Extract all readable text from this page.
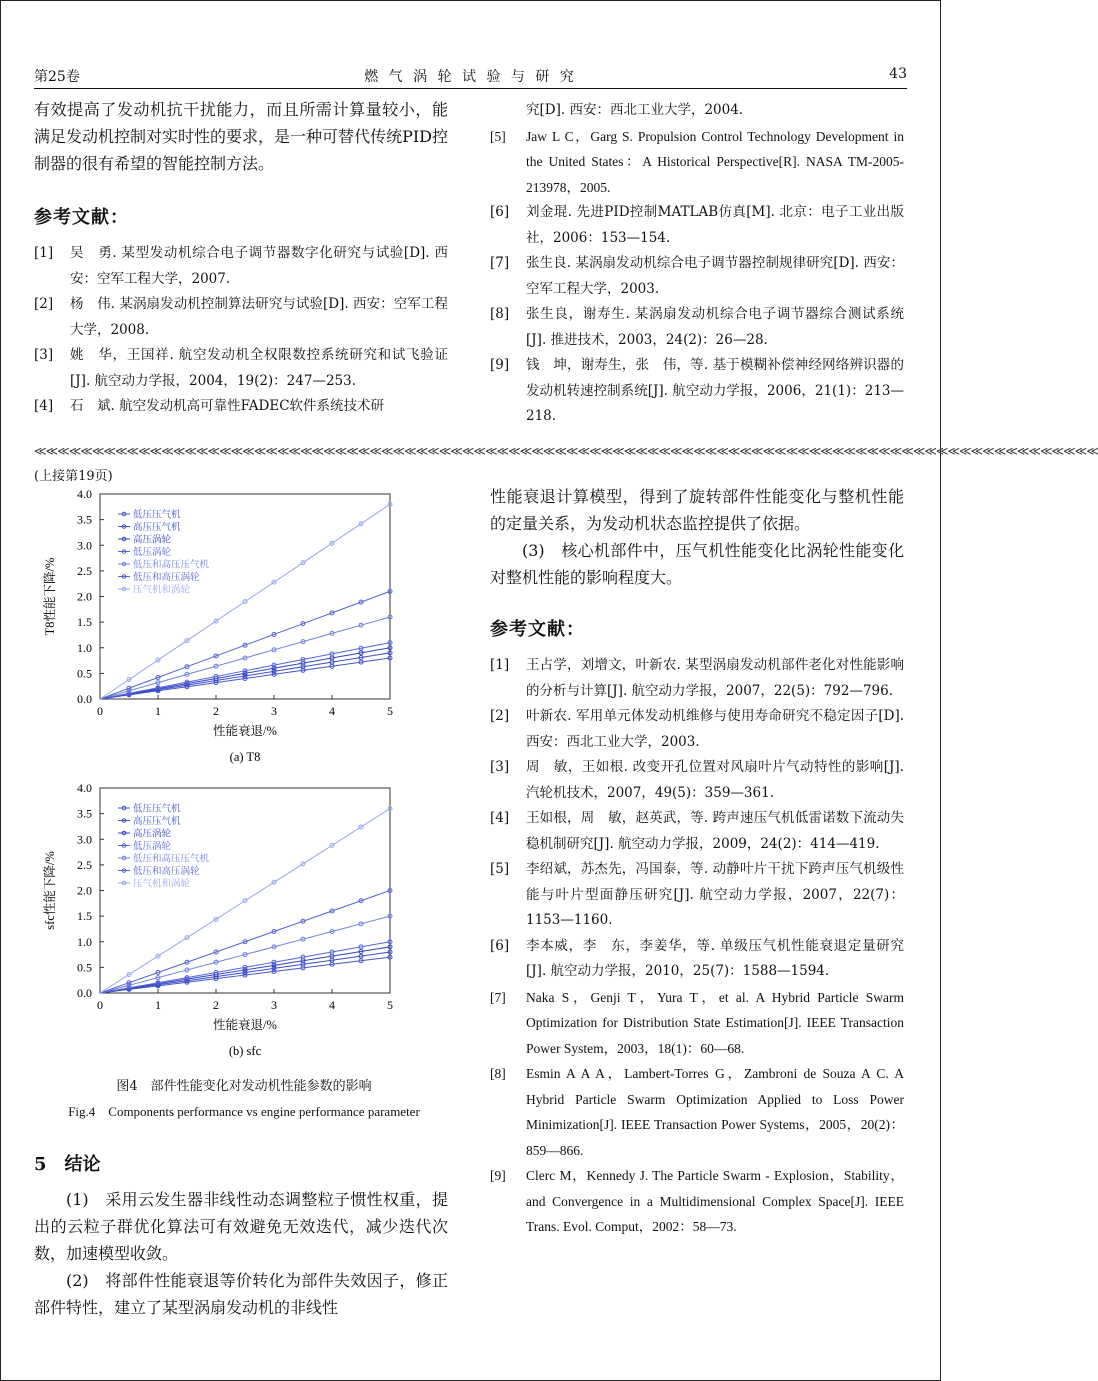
第25卷	燃 气 涡 轮 试 验 与 研 究	43
有效提高了发动机抗干扰能力，而且所需计算量较小，能满足发动机控制对实时性的要求，是一种可替代传统PID控制器的很有希望的智能控制方法。
参考文献：
[1] 吴　勇. 某型发动机综合电子调节器数字化研究与试验[D]. 西安：空军工程大学，2007.
[2] 杨　伟. 某涡扇发动机控制算法研究与试验[D]. 西安：空军工程大学，2008.
[3] 姚　华，王国祥. 航空发动机全权限数控系统研究和试飞验证[J]. 航空动力学报，2004，19(2)：247—253.
[4] 石　斌. 航空发动机高可靠性FADEC软件系统技术研
究[D]. 西安：西北工业大学，2004.
[5] Jaw L C，Garg S. Propulsion Control Technology Development in the United States：A Historical Perspective[R]. NASA TM-2005-213978，2005.
[6] 刘金琨. 先进PID控制MATLAB仿真[M]. 北京：电子工业出版社，2006：153—154.
[7] 张生良. 某涡扇发动机综合电子调节器控制规律研究[D]. 西安：空军工程大学，2003.
[8] 张生良，谢寿生. 某涡扇发动机综合电子调节器综合测试系统[J]. 推进技术，2003，24(2)：26—28.
[9] 钱　坤，谢寿生，张　伟，等. 基于模糊补偿神经网络辨识器的发动机转速控制系统[J]. 航空动力学报，2006，21(1)：213—218.
≪≪≪≪≪≪≪≪≪≪≪≪≪≪≪≪≪≪≪≪≪≪≪≪≪≪≪≪≪≪≪≪≪≪≪≪≪≪≪≪≪≪≪≪≪≪≪≪≪≪≪≪≪≪≪≪≪≪≪≪≪≪≪≪≪≪≪≪≪≪≪≪≪≪≪≪≪≪≪≪≪≪≪≪≪≪≪≪≪≪≪≪
(上接第19页)
0	1	2	3	4	5
0.0
0.5
1.0
1.5
2.0
2.5
3.0
3.5
4.0
性能衰退/%
T8性能下降/%
(a) T8
低压压气机
高压压气机
高压涡轮
低压涡轮
低压和高压压气机
低压和高压涡轮
压气机和涡轮
0	1	2	3	4	5
0.0
0.5
1.0
1.5
2.0
2.5
3.0
3.5
4.0
性能衰退/%
sfc性能下降/%
(b) sfc
低压压气机
高压压气机
高压涡轮
低压涡轮
低压和高压压气机
低压和高压涡轮
压气机和涡轮
图4　部件性能变化对发动机性能参数的影响
Fig.4　Components performance vs engine performance parameter
5　结论
(1)　采用云发生器非线性动态调整粒子惯性权重，提出的云粒子群优化算法可有效避免无效迭代，减少迭代次数，加速模型收敛。
(2)　将部件性能衰退等价转化为部件失效因子，修正部件特性，建立了某型涡扇发动机的非线性
性能衰退计算模型，得到了旋转部件性能变化与整机性能的定量关系，为发动机状态监控提供了依据。
(3)　核心机部件中，压气机性能变化比涡轮性能变化对整机性能的影响程度大。
参考文献：
[1] 王占学，刘增文，叶新农. 某型涡扇发动机部件老化对性能影响的分析与计算[J]. 航空动力学报，2007，22(5)：792—796.
[2] 叶新农. 军用单元体发动机维修与使用寿命研究不稳定因子[D]. 西安：西北工业大学，2003.
[3] 周　敏，王如根. 改变开孔位置对风扇叶片气动特性的影响[J]. 汽轮机技术，2007，49(5)：359—361.
[4] 王如根，周　敏，赵英武，等. 跨声速压气机低雷诺数下流动失稳机制研究[J]. 航空动力学报，2009，24(2)：414—419.
[5] 李绍斌，苏杰先，冯国泰，等. 动静叶片干扰下跨声压气机级性能与叶片型面静压研究[J]. 航空动力学报，2007，22(7)：1153—1160.
[6] 李本威，李　东，李姜华，等. 单级压气机性能衰退定量研究[J]. 航空动力学报，2010，25(7)：1588—1594.
[7] Naka S，Genji T，Yura T，et al. A Hybrid Particle Swarm Optimization for Distribution State Estimation[J]. IEEE Transaction Power System，2003，18(1)：60—68.
[8] Esmin A A A，Lambert-Torres G，Zambroni de Souza A C. A Hybrid Particle Swarm Optimization Applied to Loss Power Minimization[J]. IEEE Transaction Power Systems，2005，20(2)：859—866.
[9] Clerc M，Kennedy J. The Particle Swarm - Explosion，Stability，and Convergence in a Multidimensional Complex Space[J]. IEEE Trans. Evol. Comput，2002：58—73.
